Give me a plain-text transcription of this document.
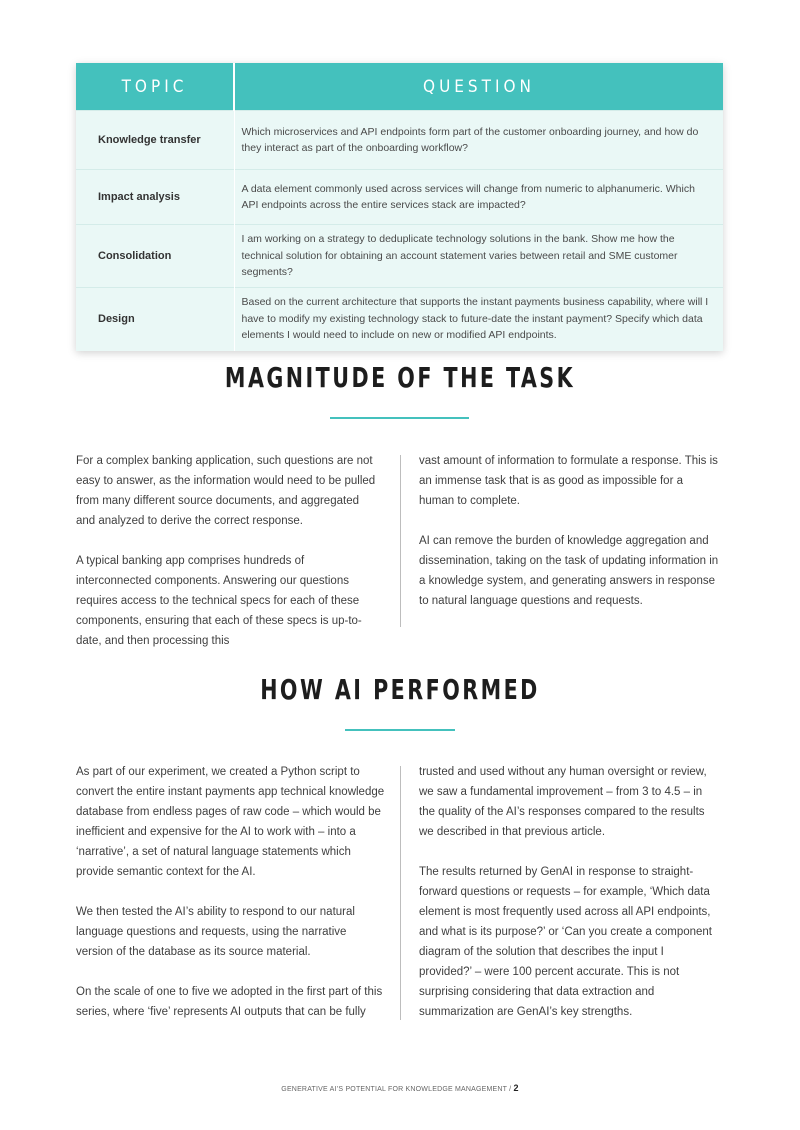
TOPIC	QUESTION
Knowledge transfer	Which microservices and API endpoints form part of the customer onboarding journey, and how do they interact as part of the onboarding workflow?
Impact analysis	A data element commonly used across services will change from numeric to alphanumeric. Which API endpoints across the entire services stack are impacted?
Consolidation	I am working on a strategy to deduplicate technology solutions in the bank. Show me how the technical solution for obtaining an account statement varies between retail and SME customer segments?
Design	Based on the current architecture that supports the instant payments business capability, where will I have to modify my existing technology stack to future-date the instant payment? Specify which data elements I would need to include on new or modified API endpoints.
MAGNITUDE OF THE TASK

For a complex banking application, such questions are not easy to answer, as the information would need to be pulled from many different source documents, and aggregated and analyzed to derive the correct response.

A typical banking app comprises hundreds of interconnected components. Answering our questions requires access to the technical specs for each of these components, ensuring that each of these specs is up-to-date, and then processing this

vast amount of information to formulate a response. This is an immense task that is as good as impossible for a human to complete.

AI can remove the burden of knowledge aggregation and dissemination, taking on the task of updating information in a knowledge system, and generating answers in response to natural language questions and requests.

HOW AI PERFORMED

As part of our experiment, we created a Python script to convert the entire instant payments app technical knowledge database from endless pages of raw code – which would be inefficient and expensive for the AI to work with – into a ‘narrative’, a set of natural language statements which provide semantic context for the AI.

We then tested the AI’s ability to respond to our natural language questions and requests, using the narrative version of the database as its source material.

On the scale of one to five we adopted in the first part of this series, where ‘five’ represents AI outputs that can be fully

trusted and used without any human oversight or review, we saw a fundamental improvement – from 3 to 4.5 – in the quality of the AI’s responses compared to the results we described in that previous article.

The results returned by GenAI in response to straight-forward questions or requests – for example, ‘Which data element is most frequently used across all API endpoints, and what is its purpose?’ or ‘Can you create a component diagram of the solution that describes the input I provided?’ – were 100 percent accurate. This is not surprising considering that data extraction and summarization are GenAI’s key strengths.

GENERATIVE AI’S POTENTIAL FOR KNOWLEDGE MANAGEMENT / 2
